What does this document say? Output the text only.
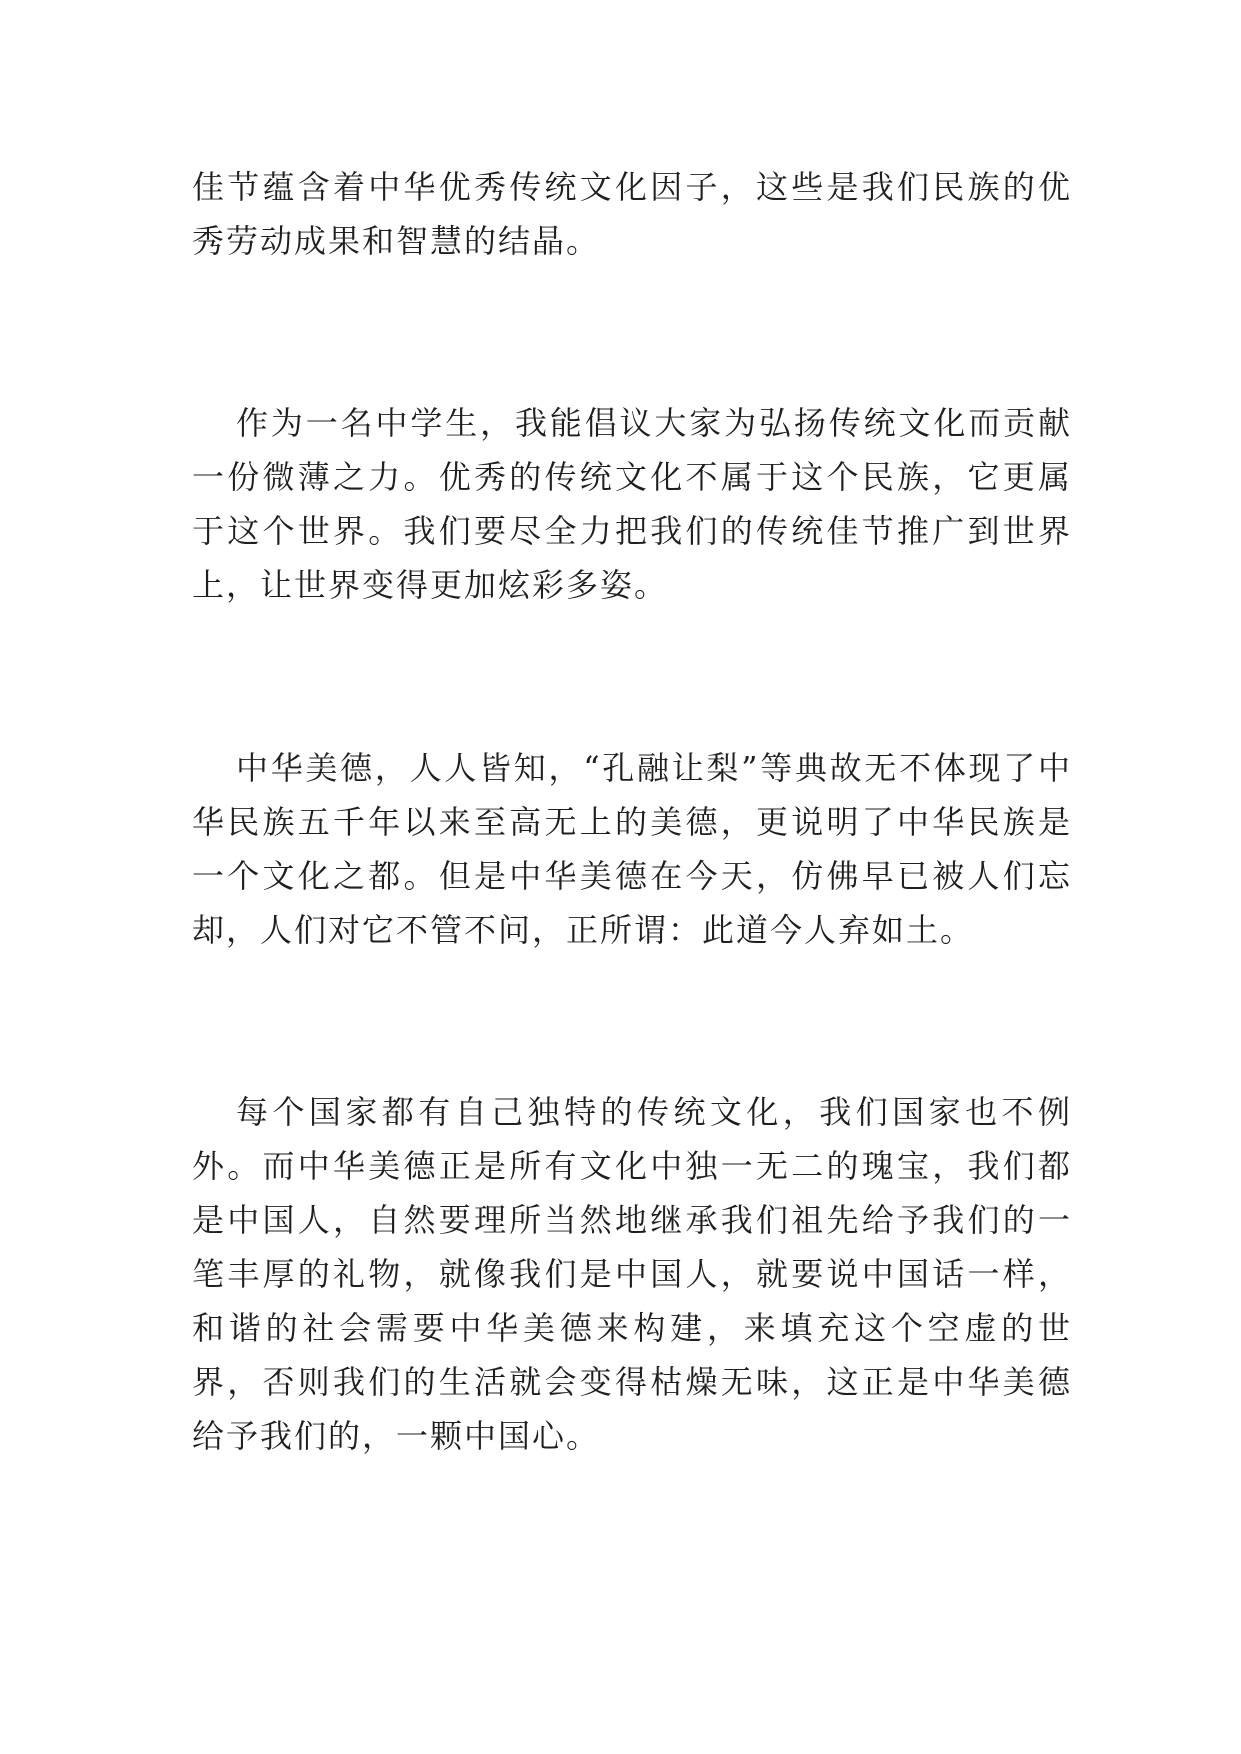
佳节蕴含着中华优秀传统文化因子，这些是我们民族的优秀劳动成果和智慧的结晶。

作为一名中学生，我能倡议大家为弘扬传统文化而贡献一份微薄之力。优秀的传统文化不属于这个民族，它更属于这个世界。我们要尽全力把我们的传统佳节推广到世界上，让世界变得更加炫彩多姿。

中华美德，人人皆知，“孔融让梨”等典故无不体现了中华民族五千年以来至高无上的美德，更说明了中华民族是一个文化之都。但是中华美德在今天，仿佛早已被人们忘却，人们对它不管不问，正所谓：此道今人弃如土。

每个国家都有自己独特的传统文化，我们国家也不例外。而中华美德正是所有文化中独一无二的瑰宝，我们都是中国人，自然要理所当然地继承我们祖先给予我们的一笔丰厚的礼物，就像我们是中国人，就要说中国话一样，和谐的社会需要中华美德来构建，来填充这个空虚的世界，否则我们的生活就会变得枯燥无味，这正是中华美德给予我们的，一颗中国心。
